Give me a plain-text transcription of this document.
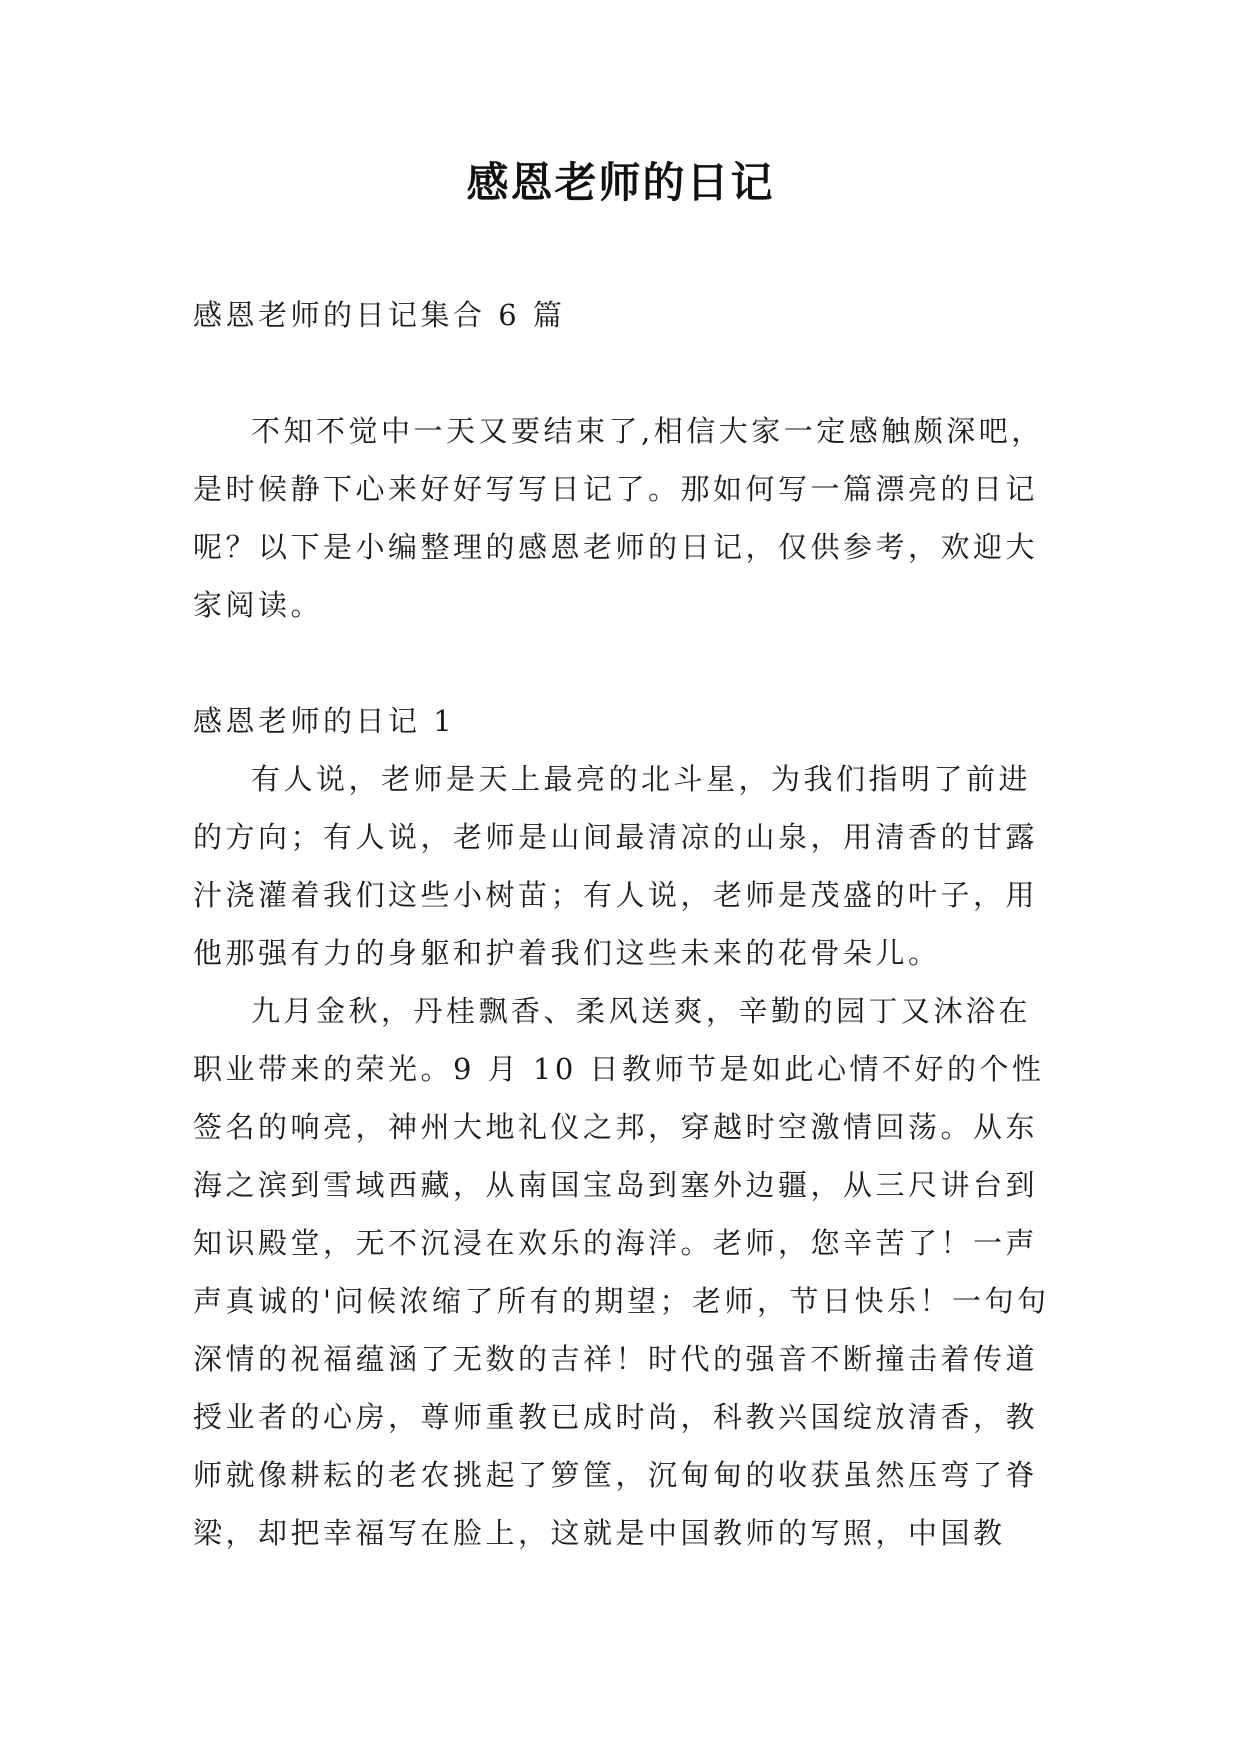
感恩老师的日记

感恩老师的日记集合 6 篇

不知不觉中一天又要结束了,相信大家一定感触颇深吧，是时候静下心来好好写写日记了。那如何写一篇漂亮的日记呢？以下是小编整理的感恩老师的日记，仅供参考，欢迎大家阅读。

感恩老师的日记 1

有人说，老师是天上最亮的北斗星，为我们指明了前进的方向；有人说，老师是山间最清凉的山泉，用清香的甘露汁浇灌着我们这些小树苗；有人说，老师是茂盛的叶子，用他那强有力的身躯和护着我们这些未来的花骨朵儿。

九月金秋，丹桂飘香、柔风送爽，辛勤的园丁又沐浴在职业带来的荣光。9 月 10 日教师节是如此心情不好的个性签名的响亮，神州大地礼仪之邦，穿越时空激情回荡。从东海之滨到雪域西藏，从南国宝岛到塞外边疆，从三尺讲台到知识殿堂，无不沉浸在欢乐的海洋。老师，您辛苦了！一声声真诚的'问候浓缩了所有的期望；老师，节日快乐！一句句深情的祝福蕴涵了无数的吉祥！时代的强音不断撞击着传道授业者的心房，尊师重教已成时尚，科教兴国绽放清香，教师就像耕耘的老农挑起了箩筐，沉甸甸的收获虽然压弯了脊梁，却把幸福写在脸上，这就是中国教师的写照，中国教
